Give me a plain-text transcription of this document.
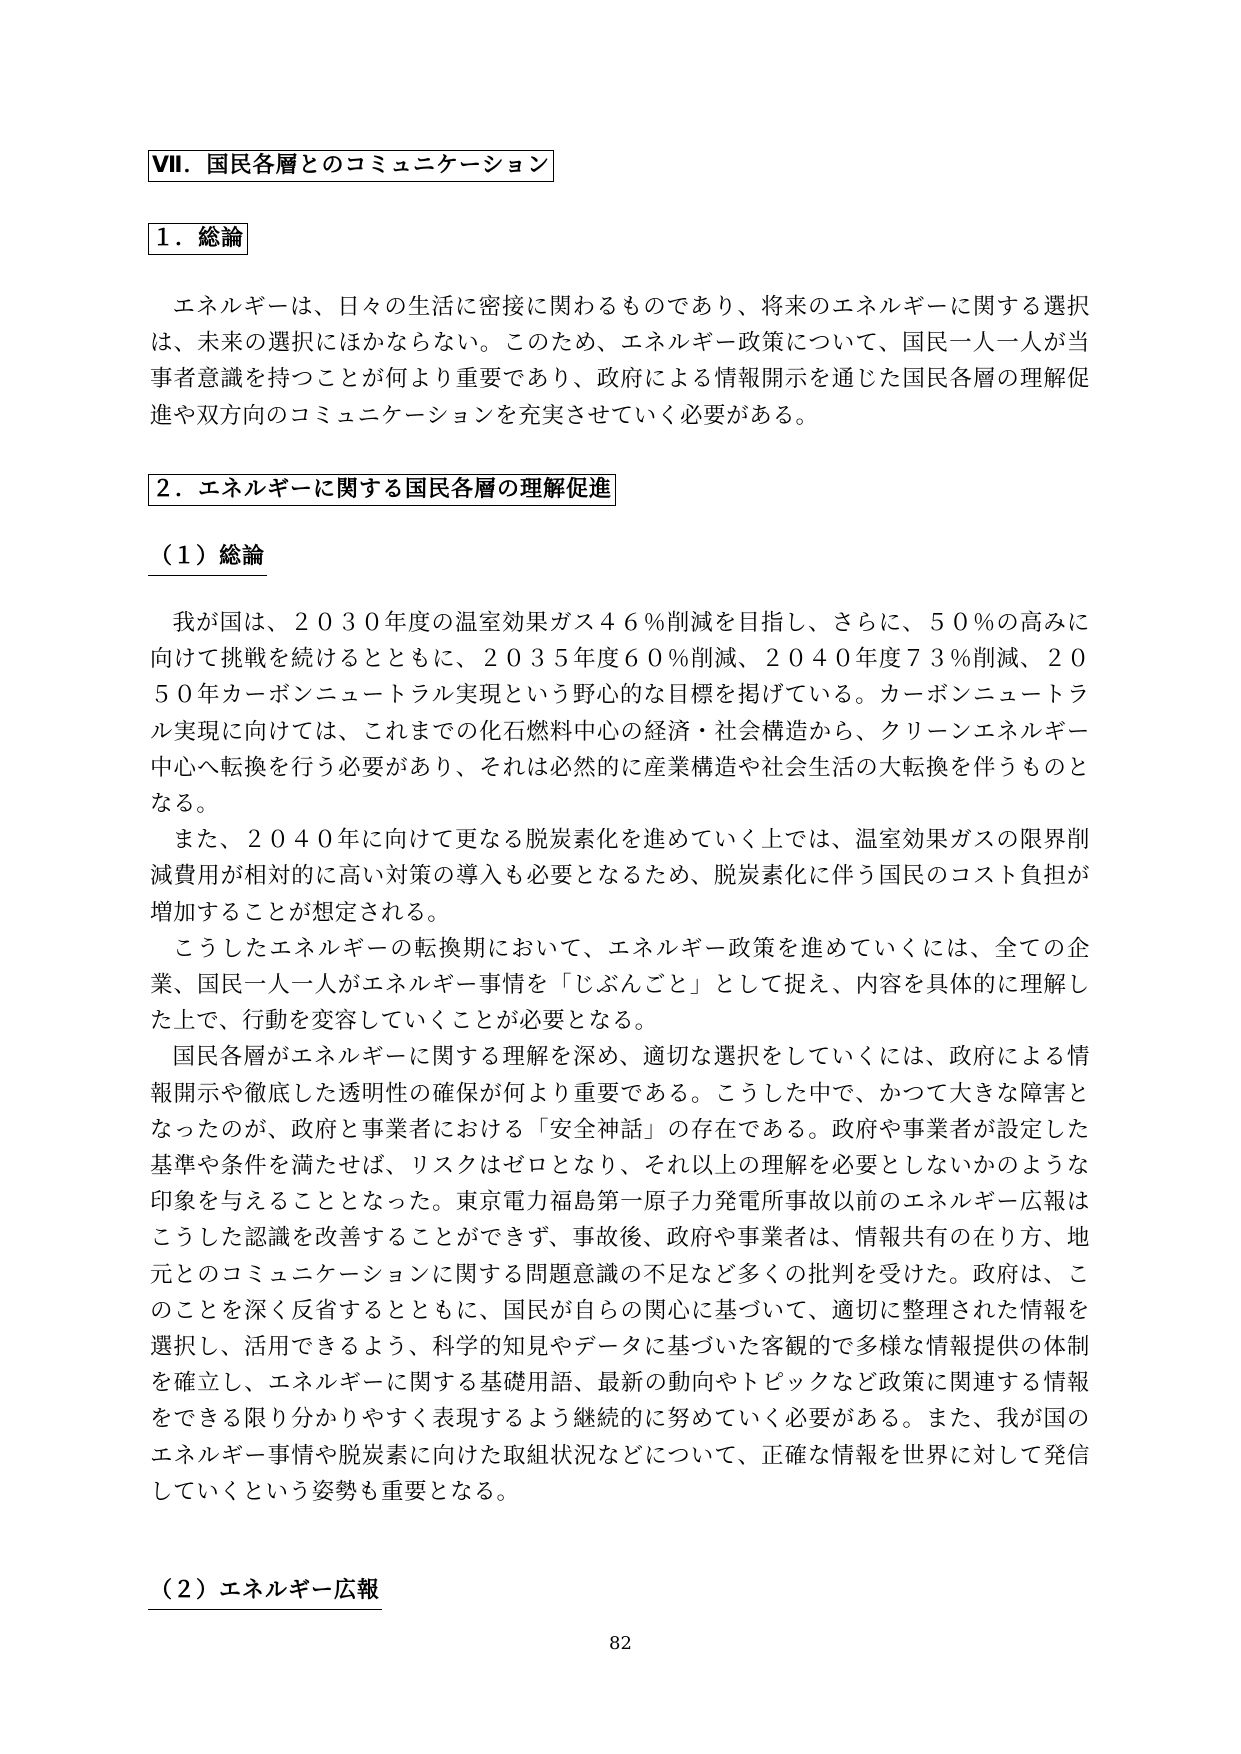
Ⅶ．国民各層とのコミュニケーション
１．総論

エネルギーは、日々の生活に密接に関わるものであり、将来のエネルギーに関する選択は、未来の選択にほかならない。このため、エネルギー政策について、国民一人一人が当事者意識を持つことが何より重要であり、政府による情報開示を通じた国民各層の理解促進や双方向のコミュニケーションを充実させていく必要がある。

２．エネルギーに関する国民各層の理解促進
（１）総論

我が国は、２０３０年度の温室効果ガス４６％削減を目指し、さらに、５０％の高みに向けて挑戦を続けるとともに、２０３５年度６０％削減、２０４０年度７３％削減、２０５０年カーボンニュートラル実現という野心的な目標を掲げている。カーボンニュートラル実現に向けては、これまでの化石燃料中心の経済・社会構造から、クリーンエネルギー中心へ転換を行う必要があり、それは必然的に産業構造や社会生活の大転換を伴うものとなる。

また、２０４０年に向けて更なる脱炭素化を進めていく上では、温室効果ガスの限界削減費用が相対的に高い対策の導入も必要となるため、脱炭素化に伴う国民のコスト負担が増加することが想定される。

こうしたエネルギーの転換期において、エネルギー政策を進めていくには、全ての企業、国民一人一人がエネルギー事情を「じぶんごと」として捉え、内容を具体的に理解した上で、行動を変容していくことが必要となる。

国民各層がエネルギーに関する理解を深め、適切な選択をしていくには、政府による情報開示や徹底した透明性の確保が何より重要である。こうした中で、かつて大きな障害となったのが、政府と事業者における「安全神話」の存在である。政府や事業者が設定した基準や条件を満たせば、リスクはゼロとなり、それ以上の理解を必要としないかのような印象を与えることとなった。東京電力福島第一原子力発電所事故以前のエネルギー広報はこうした認識を改善することができず、事故後、政府や事業者は、情報共有の在り方、地元とのコミュニケーションに関する問題意識の不足など多くの批判を受けた。政府は、このことを深く反省するとともに、国民が自らの関心に基づいて、適切に整理された情報を選択し、活用できるよう、科学的知見やデータに基づいた客観的で多様な情報提供の体制を確立し、エネルギーに関する基礎用語、最新の動向やトピックなど政策に関連する情報をできる限り分かりやすく表現するよう継続的に努めていく必要がある。また、我が国のエネルギー事情や脱炭素に向けた取組状況などについて、正確な情報を世界に対して発信していくという姿勢も重要となる。

（２）エネルギー広報
82
